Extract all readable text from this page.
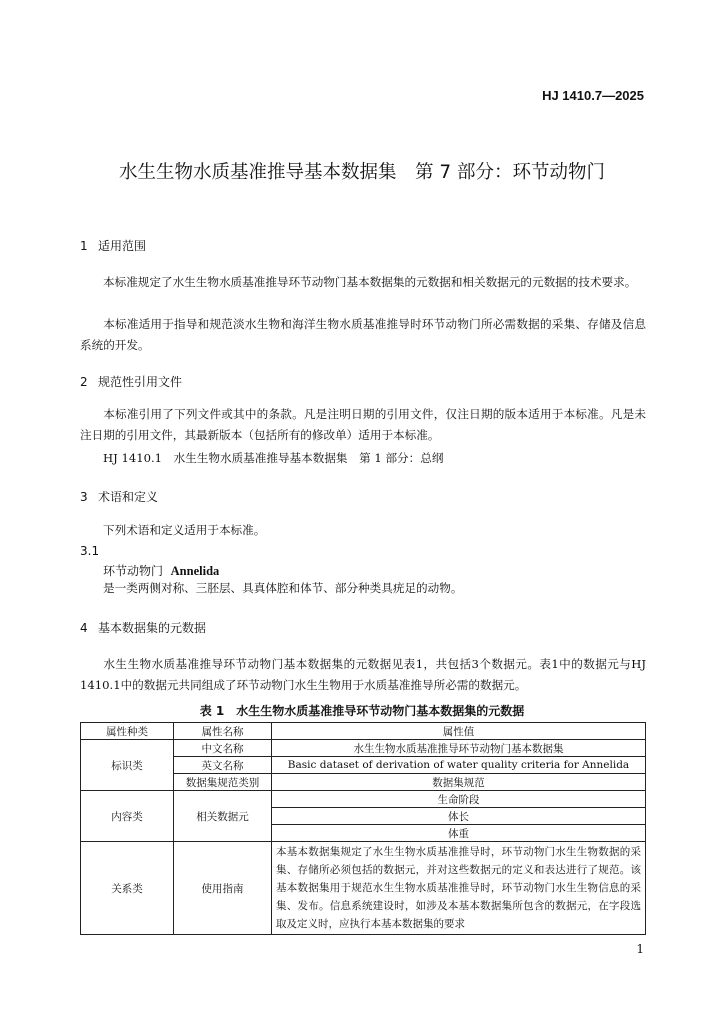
HJ 1410.7—2025
水生生物水质基准推导基本数据集　第 7 部分：环节动物门
1 适用范围
本标准规定了水生生物水质基准推导环节动物门基本数据集的元数据和相关数据元的元数据的技术要求。
本标准适用于指导和规范淡水生物和海洋生物水质基准推导时环节动物门所必需数据的采集、存储及信息系统的开发。
2 规范性引用文件
本标准引用了下列文件或其中的条款。凡是注明日期的引用文件，仅注日期的版本适用于本标准。凡是未注日期的引用文件，其最新版本（包括所有的修改单）适用于本标准。
HJ 1410.1　水生生物水质基准推导基本数据集　第 1 部分：总纲
3 术语和定义
下列术语和定义适用于本标准。
3.1
环节动物门 Annelida
是一类两侧对称、三胚层、具真体腔和体节、部分种类具疣足的动物。
4 基本数据集的元数据
水生生物水质基准推导环节动物门基本数据集的元数据见表1，共包括3个数据元。表1中的数据元与HJ 1410.1中的数据元共同组成了环节动物门水生生物用于水质基准推导所必需的数据元。
表 1　水生生物水质基准推导环节动物门基本数据集的元数据
属性种类	属性名称	属性值
标识类	中文名称	水生生物水质基准推导环节动物门基本数据集
	英文名称	Basic dataset of derivation of water quality criteria for Annelida
	数据集规范类别	数据集规范
内容类	相关数据元	生命阶段
		体长
		体重
关系类	使用指南	本基本数据集规定了水生生物水质基准推导时，环节动物门水生生物数据的采集、存储所必须包括的数据元，并对这些数据元的定义和表达进行了规范。该基本数据集用于规范水生生物水质基准推导时，环节动物门水生生物信息的采集、发布。信息系统建设时，如涉及本基本数据集所包含的数据元，在字段选取及定义时，应执行本基本数据集的要求
1
